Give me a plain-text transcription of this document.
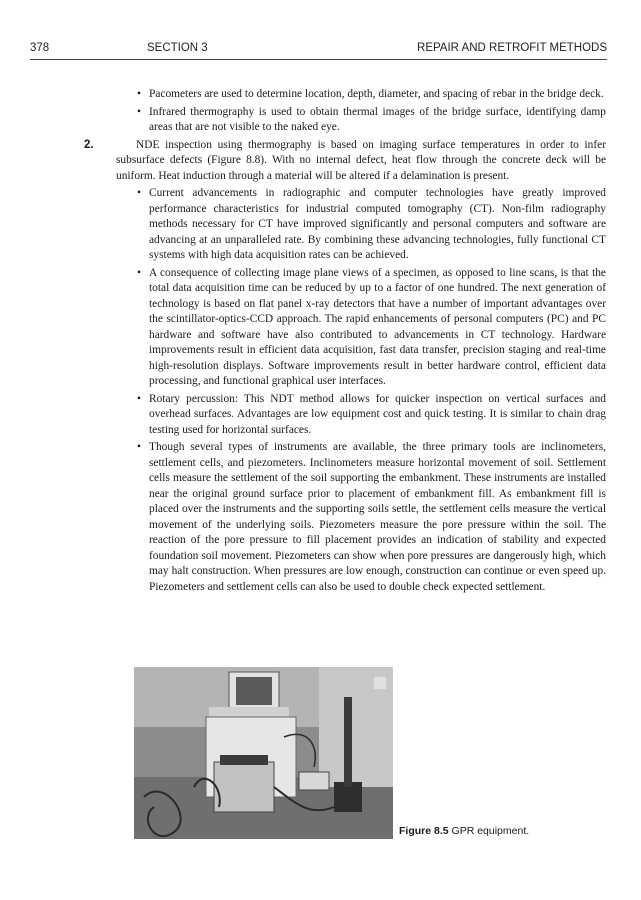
378	SECTION 3	REPAIR AND RETROFIT METHODS
• Pacometers are used to determine location, depth, diameter, and spacing of rebar in the bridge deck.
• Infrared thermography is used to obtain thermal images of the bridge surface, identifying damp areas that are not visible to the naked eye.
2.	NDE inspection using thermography is based on imaging surface temperatures in order to infer subsurface defects (Figure 8.8). With no internal defect, heat flow through the concrete deck will be uniform. Heat induction through a material will be altered if a delamination is present.
• Current advancements in radiographic and computer technologies have greatly improved performance characteristics for industrial computed tomography (CT). Non-film radiography methods necessary for CT have improved significantly and personal computers and software are advancing at an unparalleled rate. By combining these advancing technologies, fully functional CT systems with high data acquisition rates can be achieved.
• A consequence of collecting image plane views of a specimen, as opposed to line scans, is that the total data acquisition time can be reduced by up to a factor of one hundred. The next generation of technology is based on flat panel x-ray detectors that have a number of important advantages over the scintillator-optics-CCD approach. The rapid enhancements of personal computers (PC) and PC hardware and software have also contributed to advancements in CT technology. Hardware improvements result in efficient data acquisition, fast data transfer, precision staging and real-time high-resolution displays. Software improvements result in better hardware control, efficient data processing, and functional graphical user interfaces.
• Rotary percussion: This NDT method allows for quicker inspection on vertical surfaces and overhead surfaces. Advantages are low equipment cost and quick testing. It is similar to chain drag testing used for horizontal surfaces.
• Though several types of instruments are available, the three primary tools are inclinometers, settlement cells, and piezometers. Inclinometers measure horizontal movement of soil. Settlement cells measure the settlement of the soil supporting the embankment. These instruments are installed near the original ground surface prior to placement of embankment fill. As embankment fill is placed over the instruments and the supporting soils settle, the settlement cells measure the vertical movement of the underlying soils. Piezometers measure the pore pressure within the soil. The reaction of the pore pressure to fill placement provides an indication of stability and expected foundation soil movement. Piezometers can show when pore pressures are dangerously high, which may halt construction. When pressures are low enough, construction can continue or even speed up. Piezometers and settlement cells can also be used to double check expected settlement.
Figure 8.5 GPR equipment.
